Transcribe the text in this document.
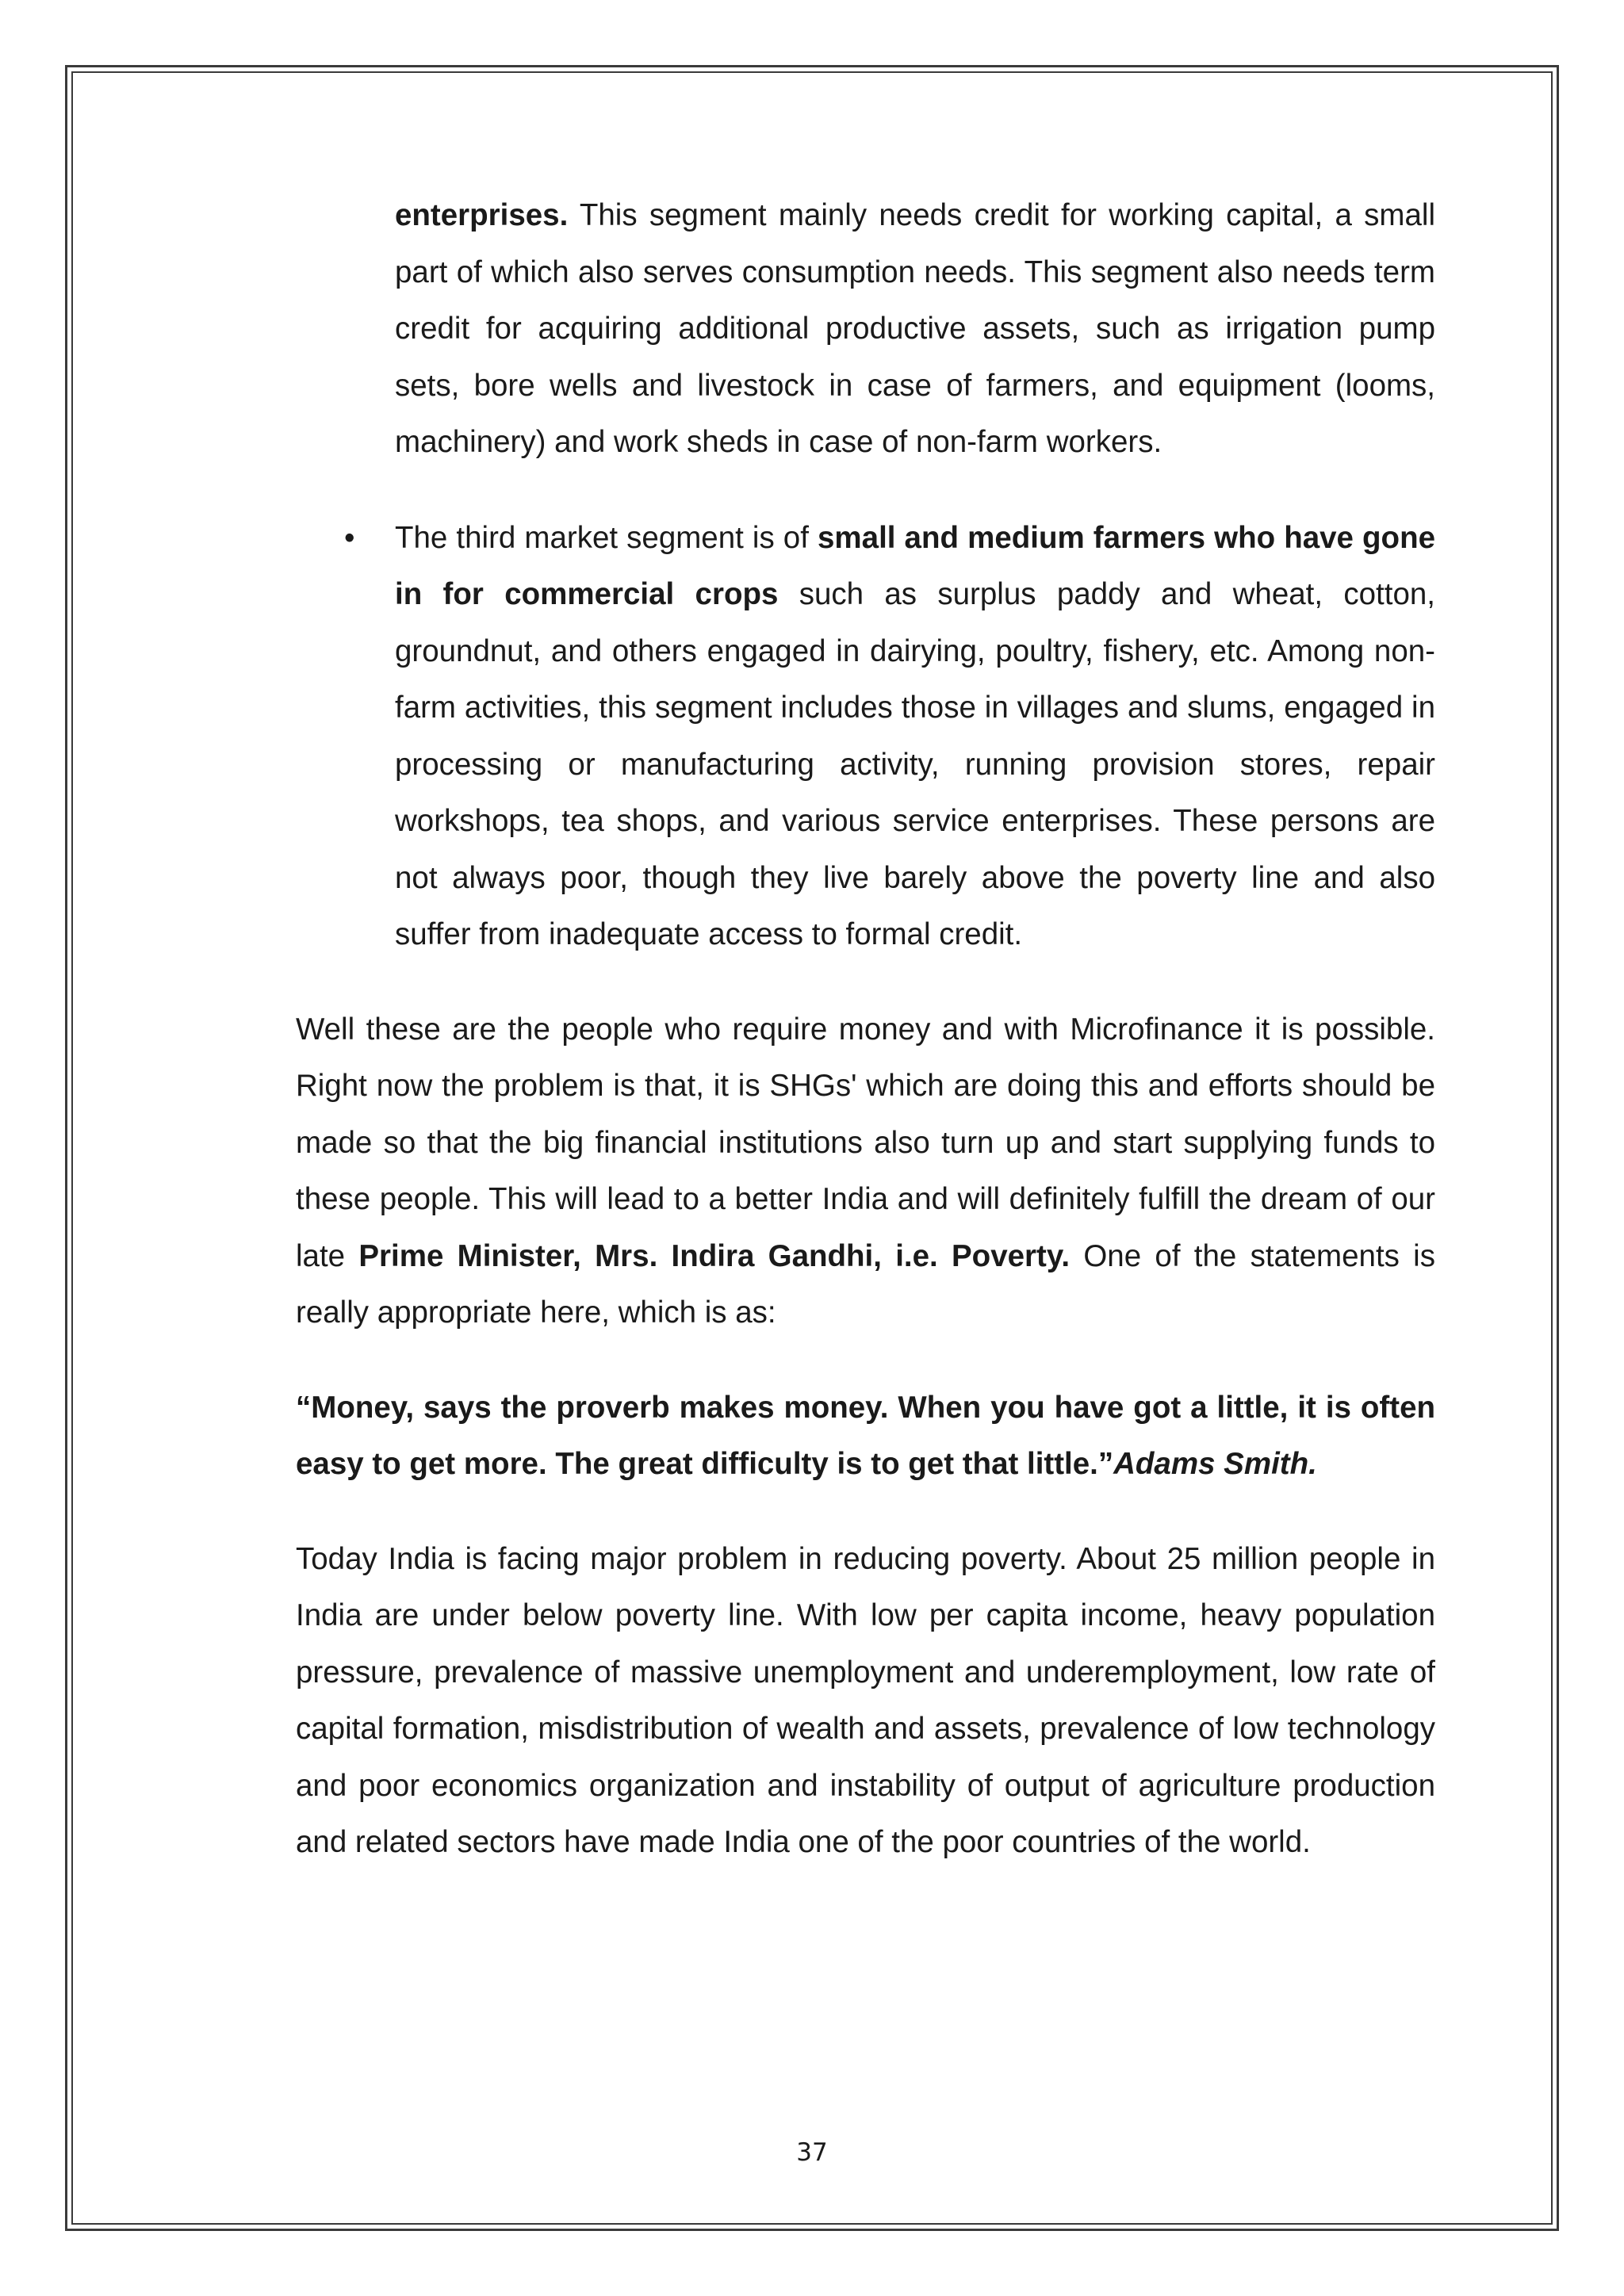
enterprises. This segment mainly needs credit for working capital, a small part of which also serves consumption needs. This segment also needs term credit for acquiring additional productive assets, such as irrigation pump sets, bore wells and livestock in case of farmers, and equipment (looms, machinery) and work sheds in case of non-farm workers.

• The third market segment is of small and medium farmers who have gone in for commercial crops such as surplus paddy and wheat, cotton, groundnut, and others engaged in dairying, poultry, fishery, etc. Among non-farm activities, this segment includes those in villages and slums, engaged in processing or manufacturing activity, running provision stores, repair workshops, tea shops, and various service enterprises. These persons are not always poor, though they live barely above the poverty line and also suffer from inadequate access to formal credit.

Well these are the people who require money and with Microfinance it is possible. Right now the problem is that, it is SHGs' which are doing this and efforts should be made so that the big financial institutions also turn up and start supplying funds to these people. This will lead to a better India and will definitely fulfill the dream of our late Prime Minister, Mrs. Indira Gandhi, i.e. Poverty. One of the statements is really appropriate here, which is as:

“Money, says the proverb makes money. When you have got a little, it is often easy to get more. The great difficulty is to get that little.”Adams Smith.

Today India is facing major problem in reducing poverty. About 25 million people in India are under below poverty line. With low per capita income, heavy population pressure, prevalence of massive unemployment and underemployment, low rate of capital formation, misdistribution of wealth and assets, prevalence of low technology and poor economics organization and instability of output of agriculture production and related sectors have made India one of the poor countries of the world.

37
